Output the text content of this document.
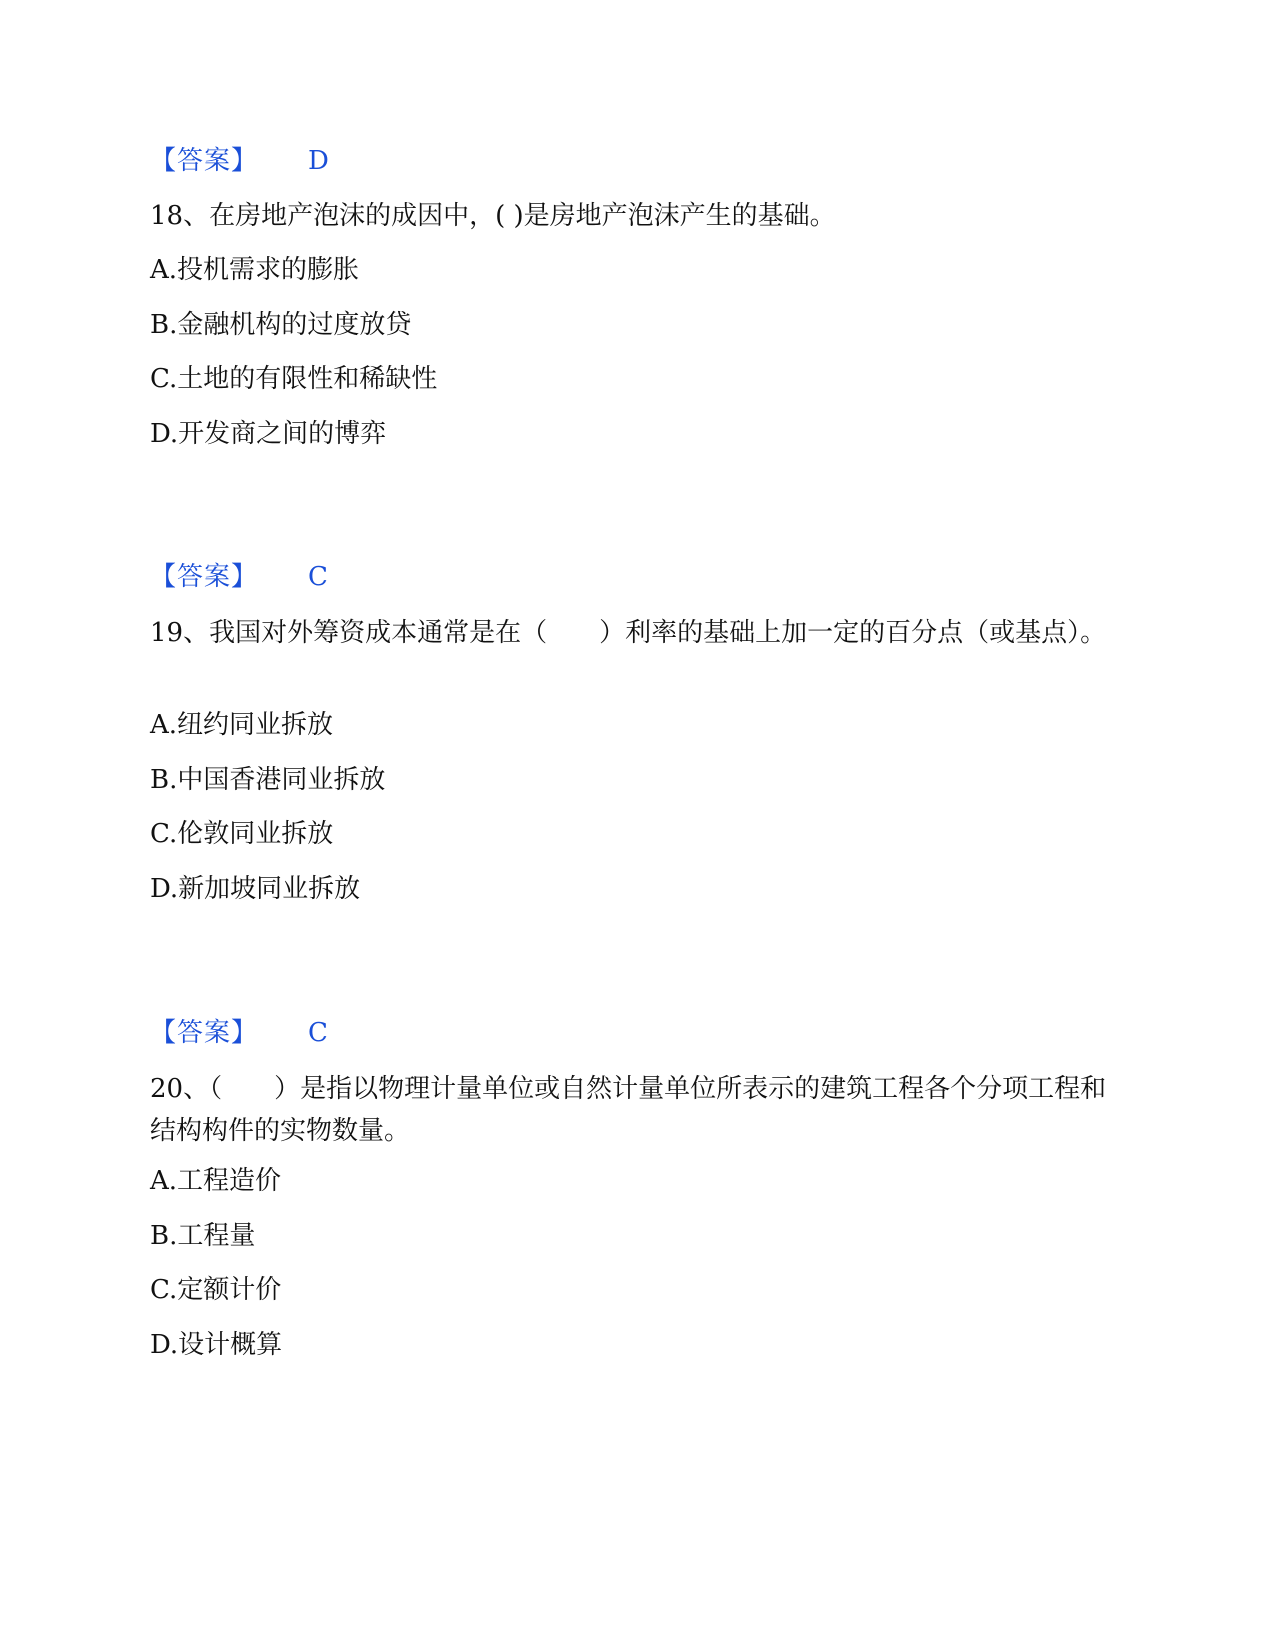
【答案】 D
18、在房地产泡沫的成因中，( )是房地产泡沫产生的基础。
A.投机需求的膨胀
B.金融机构的过度放贷
C.土地的有限性和稀缺性
D.开发商之间的博弈
【答案】 C
19、我国对外筹资成本通常是在（　　）利率的基础上加一定的百分点（或基点）。
A.纽约同业拆放
B.中国香港同业拆放
C.伦敦同业拆放
D.新加坡同业拆放
【答案】 C
20、（　　）是指以物理计量单位或自然计量单位所表示的建筑工程各个分项工程和结构构件的实物数量。
A.工程造价
B.工程量
C.定额计价
D.设计概算
